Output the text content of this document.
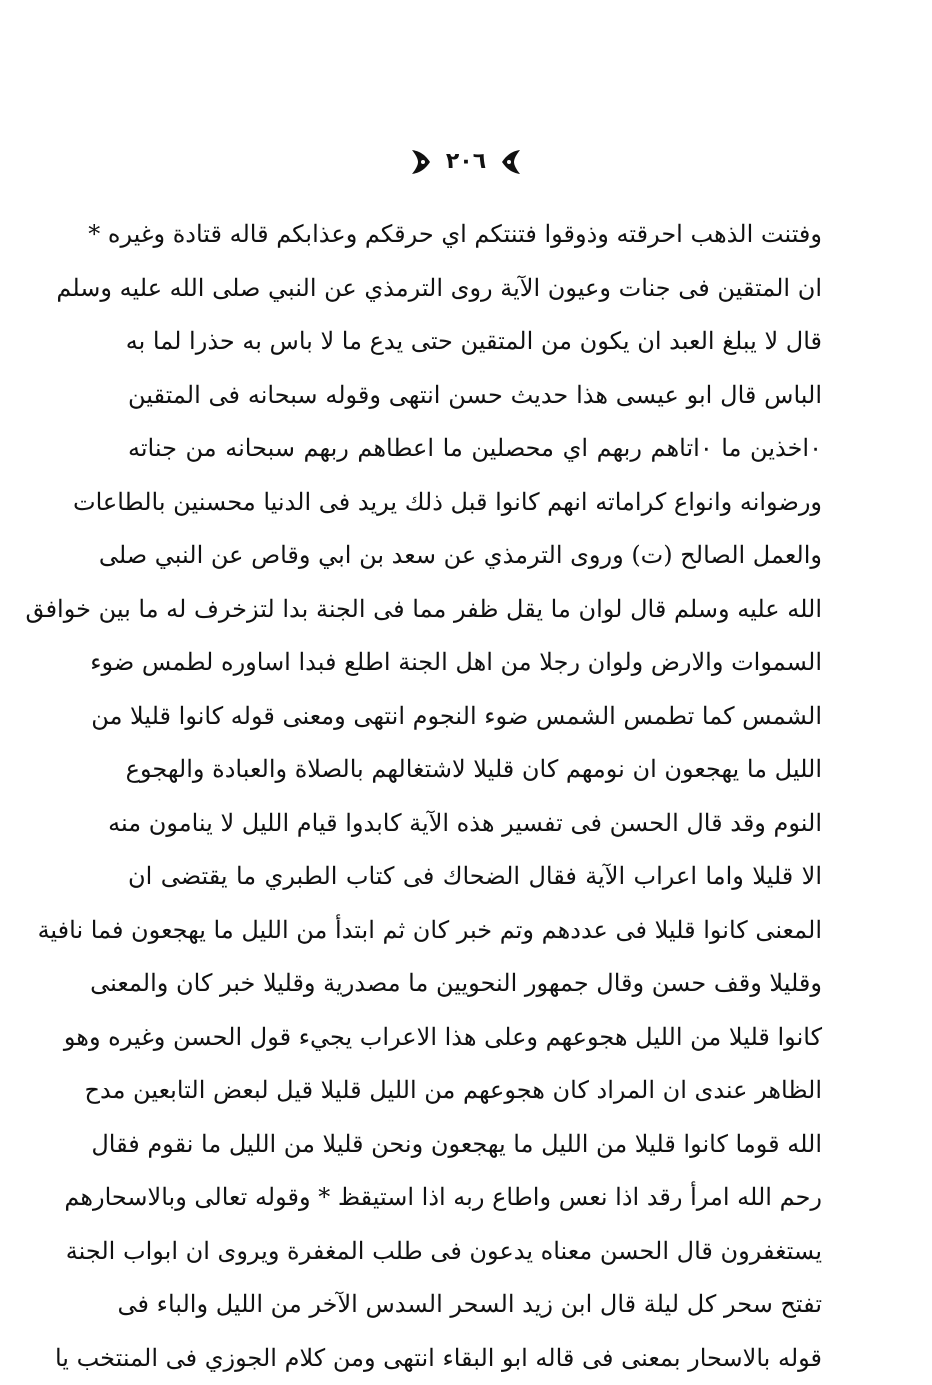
٢٠٦
وفتنت الذهب احرقته وذوقوا فتنتكم اي حرقكم وعذابكم قاله قتادة وغيره *
ان المتقين فى جنات وعيون الآية روى الترمذي عن النبي صلى الله عليه وسلم
قال لا يبلغ العبد ان يكون من المتقين حتى يدع ما لا باس به حذرا لما به
الباس قال ابو عيسى هذا حديث حسن انتهى وقوله سبحانه فى المتقين
٠اخذين ما ٠اتاهم ربهم اي محصلين ما اعطاهم ربهم سبحانه من جناته
ورضوانه وانواع كراماته انهم كانوا قبل ذلك يريد فى الدنيا محسنين بالطاعات
والعمل الصالح (ت) وروى الترمذي عن سعد بن ابي وقاص عن النبي صلى
الله عليه وسلم قال لوان ما يقل ظفر مما فى الجنة بدا لتزخرف له ما بين خوافق
السموات والارض ولوان رجلا من اهل الجنة اطلع فبدا اساوره لطمس ضوء
الشمس كما تطمس الشمس ضوء النجوم انتهى ومعنى قوله كانوا قليلا من
الليل ما يهجعون ان نومهم كان قليلا لاشتغالهم بالصلاة والعبادة والهجوع
النوم وقد قال الحسن فى تفسير هذه الآية كابدوا قيام الليل لا ينامون منه
الا قليلا واما اعراب الآية فقال الضحاك فى كتاب الطبري ما يقتضى ان
المعنى كانوا قليلا فى عددهم وتم خبر كان ثم ابتدأ من الليل ما يهجعون فما نافية
وقليلا وقف حسن وقال جمهور النحويين ما مصدرية وقليلا خبر كان والمعنى
كانوا قليلا من الليل هجوعهم وعلى هذا الاعراب يجيء قول الحسن وغيره وهو
الظاهر عندى ان المراد كان هجوعهم من الليل قليلا قيل لبعض التابعين مدح
الله قوما كانوا قليلا من الليل ما يهجعون ونحن قليلا من الليل ما نقوم فقال
رحم الله امرأ رقد اذا نعس واطاع ربه اذا استيقظ * وقوله تعالى وبالاسحارهم
يستغفرون قال الحسن معناه يدعون فى طلب المغفرة ويروى ان ابواب الجنة
تفتح سحر كل ليلة قال ابن زيد السحر السدس الآخر من الليل والباء فى
قوله بالاسحار بمعنى فى قاله ابو البقاء انتهى ومن كلام الجوزي فى المنتخب يا
